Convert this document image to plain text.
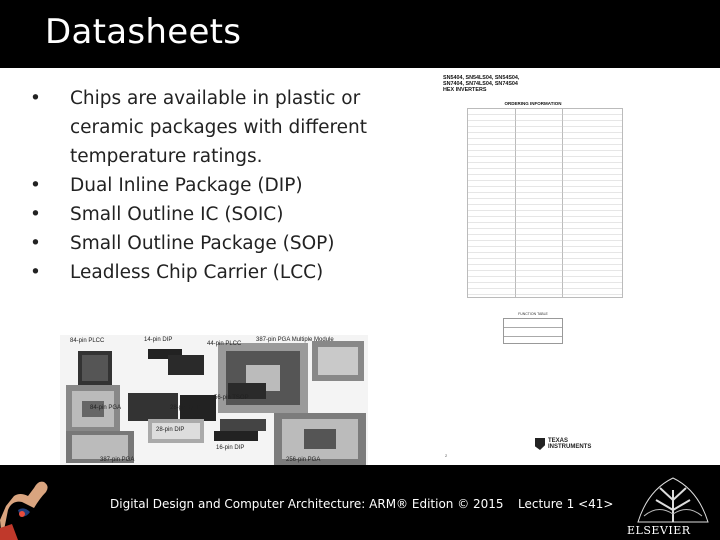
Datasheets
• Chips are available in plastic or ceramic packages with different temperature ratings.
• Dual Inline Package (DIP)
• Small Outline IC (SOIC)
• Small Outline Package (SOP)
• Leadless Chip Carrier (LCC)
SN5404, SN54LS04, SN54S04,
SN7404, SN74LS04, SN74S04
HEX INVERTERS
ORDERING INFORMATION
FUNCTION TABLE
TEXAS
INSTRUMENTS
2
84-pin PLCC	14-pin DIP
44-pin PLCC
387-pin PGA Multiple Module
84-pin PGA	28-pin QFP
56-pin TSOP
28-pin DIP
16-pin DIP
387-pin PGA	256-pin PGA
Digital Design and Computer Architecture: ARM® Edition © 2015 Lecture 1 <41>
ELSEVIER
